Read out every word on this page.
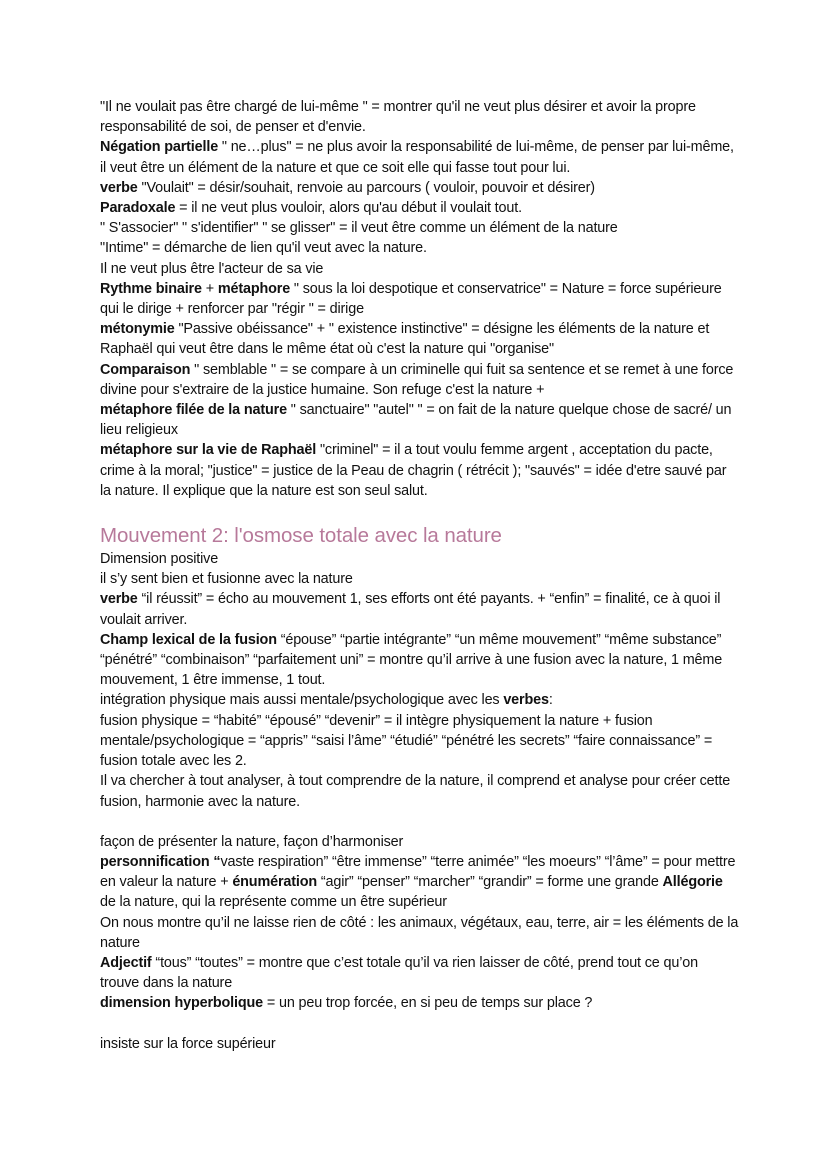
"Il ne voulait pas être chargé de lui-même " = montrer qu'il ne veut plus désirer et avoir la propre responsabilité de soi, de penser et d'envie.
Négation partielle " ne…plus" = ne plus avoir la responsabilité de lui-même, de penser par lui-même, il veut être un élément de la nature et que ce soit elle qui fasse tout pour lui.
verbe "Voulait" = désir/souhait, renvoie au parcours ( vouloir, pouvoir et désirer)
Paradoxale = il ne veut plus vouloir, alors qu'au début il voulait tout.
" S'associer" " s'identifier" " se glisser" = il veut être comme un élément de la nature
"Intime" = démarche de lien qu'il veut avec la nature.
Il ne veut plus être l'acteur de sa vie
Rythme binaire + métaphore " sous la loi despotique et conservatrice" = Nature = force supérieure qui le dirige + renforcer par "régir " = dirige
métonymie "Passive obéissance" + " existence instinctive" = désigne les éléments de la nature et Raphaël qui veut être dans le même état où c'est la nature qui "organise"
Comparaison " semblable " = se compare à un criminelle qui fuit sa sentence et se remet à une force divine pour s'extraire de la justice humaine. Son refuge c'est la nature +
métaphore filée de la nature " sanctuaire" "autel" " = on fait de la nature quelque chose de sacré/ un lieu religieux
métaphore sur la vie de Raphaël "criminel" = il a tout voulu femme argent , acceptation du pacte, crime à la moral; "justice" = justice de la Peau de chagrin ( rétrécit ); "sauvés" = idée d'etre sauvé par la nature. Il explique que la nature est son seul salut.
Mouvement 2: l'osmose totale avec la nature
Dimension positive
il s’y sent bien et fusionne avec la nature
verbe “il réussit” = écho au mouvement 1, ses efforts ont été payants. + “enfin” = finalité, ce à quoi il voulait arriver.
Champ lexical de la fusion “épouse” “partie intégrante” “un même mouvement” “même substance” “pénétré” “combinaison” “parfaitement uni” = montre qu’il arrive à une fusion avec la nature, 1 même mouvement, 1 être immense, 1 tout.
intégration physique mais aussi mentale/psychologique avec les verbes:
fusion physique = “habité” “épousé” “devenir” = il intègre physiquement la nature + fusion mentale/psychologique = “appris” “saisi l’âme” “étudié” “pénétré les secrets” “faire connaissance” = fusion totale avec les 2.
Il va chercher à tout analyser, à tout comprendre de la nature, il comprend et analyse pour créer cette fusion, harmonie avec la nature.
façon de présenter la nature, façon d’harmoniser
personnification “vaste respiration” “être immense” “terre animée” “les moeurs” “l’âme” = pour mettre en valeur la nature + énumération “agir” “penser” “marcher” “grandir” = forme une grande Allégorie de la nature, qui la représente comme un être supérieur
On nous montre qu’il ne laisse rien de côté : les animaux, végétaux, eau, terre, air = les éléments de la nature
Adjectif “tous” “toutes” = montre que c’est totale qu’il va rien laisser de côté, prend tout ce qu’on trouve dans la nature
dimension hyperbolique = un peu trop forcée, en si peu de temps sur place ?
insiste sur la force supérieur
